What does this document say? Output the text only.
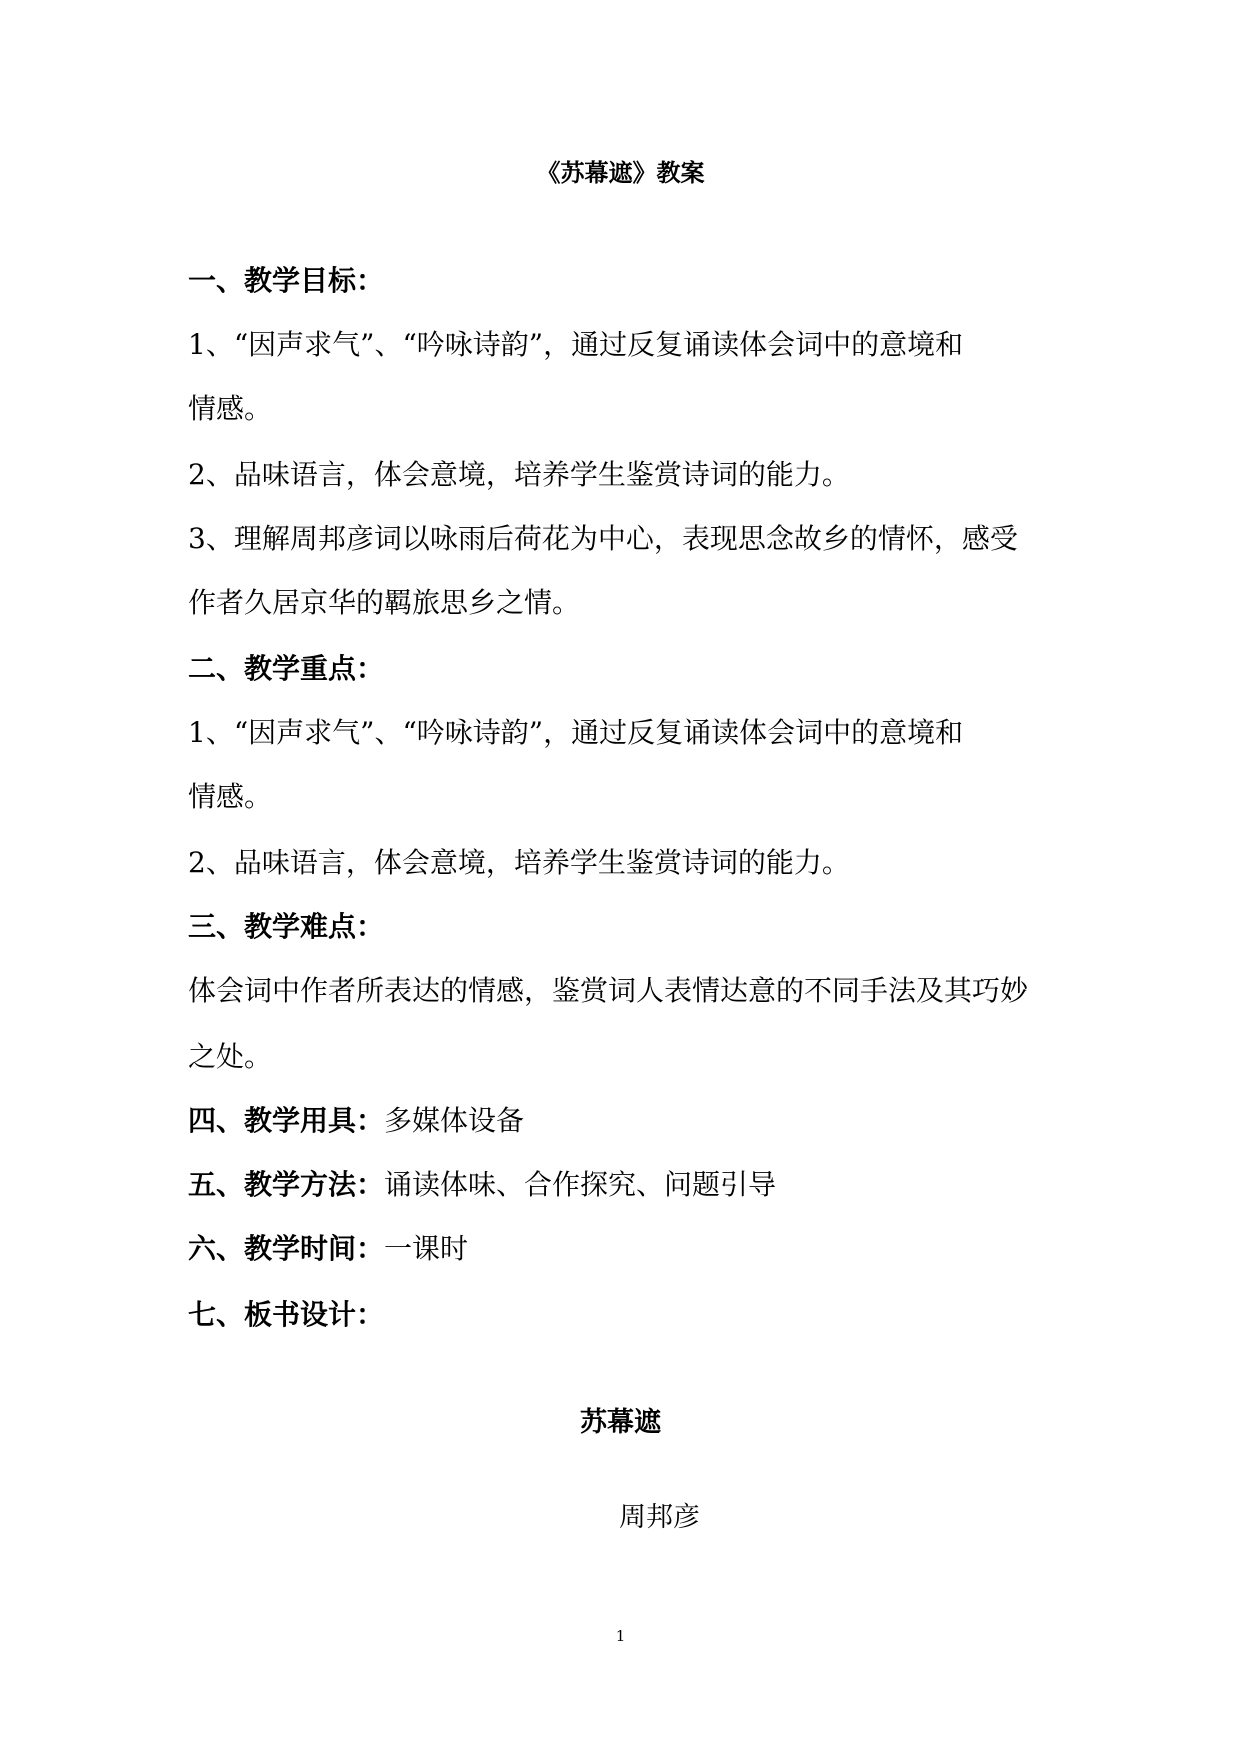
《苏幕遮》教案
一、教学目标：
1、“因声求气”、“吟咏诗韵”，通过反复诵读体会词中的意境和
情感。
2、品味语言，体会意境，培养学生鉴赏诗词的能力。
3、理解周邦彦词以咏雨后荷花为中心，表现思念故乡的情怀，感受
作者久居京华的羁旅思乡之情。
二、教学重点：
1、“因声求气”、“吟咏诗韵”，通过反复诵读体会词中的意境和
情感。
2、品味语言，体会意境，培养学生鉴赏诗词的能力。
三、教学难点：
体会词中作者所表达的情感，鉴赏词人表情达意的不同手法及其巧妙
之处。
四、教学用具：多媒体设备
五、教学方法：诵读体味、合作探究、问题引导
六、教学时间：一课时
七、板书设计：
苏幕遮
周邦彦
1
